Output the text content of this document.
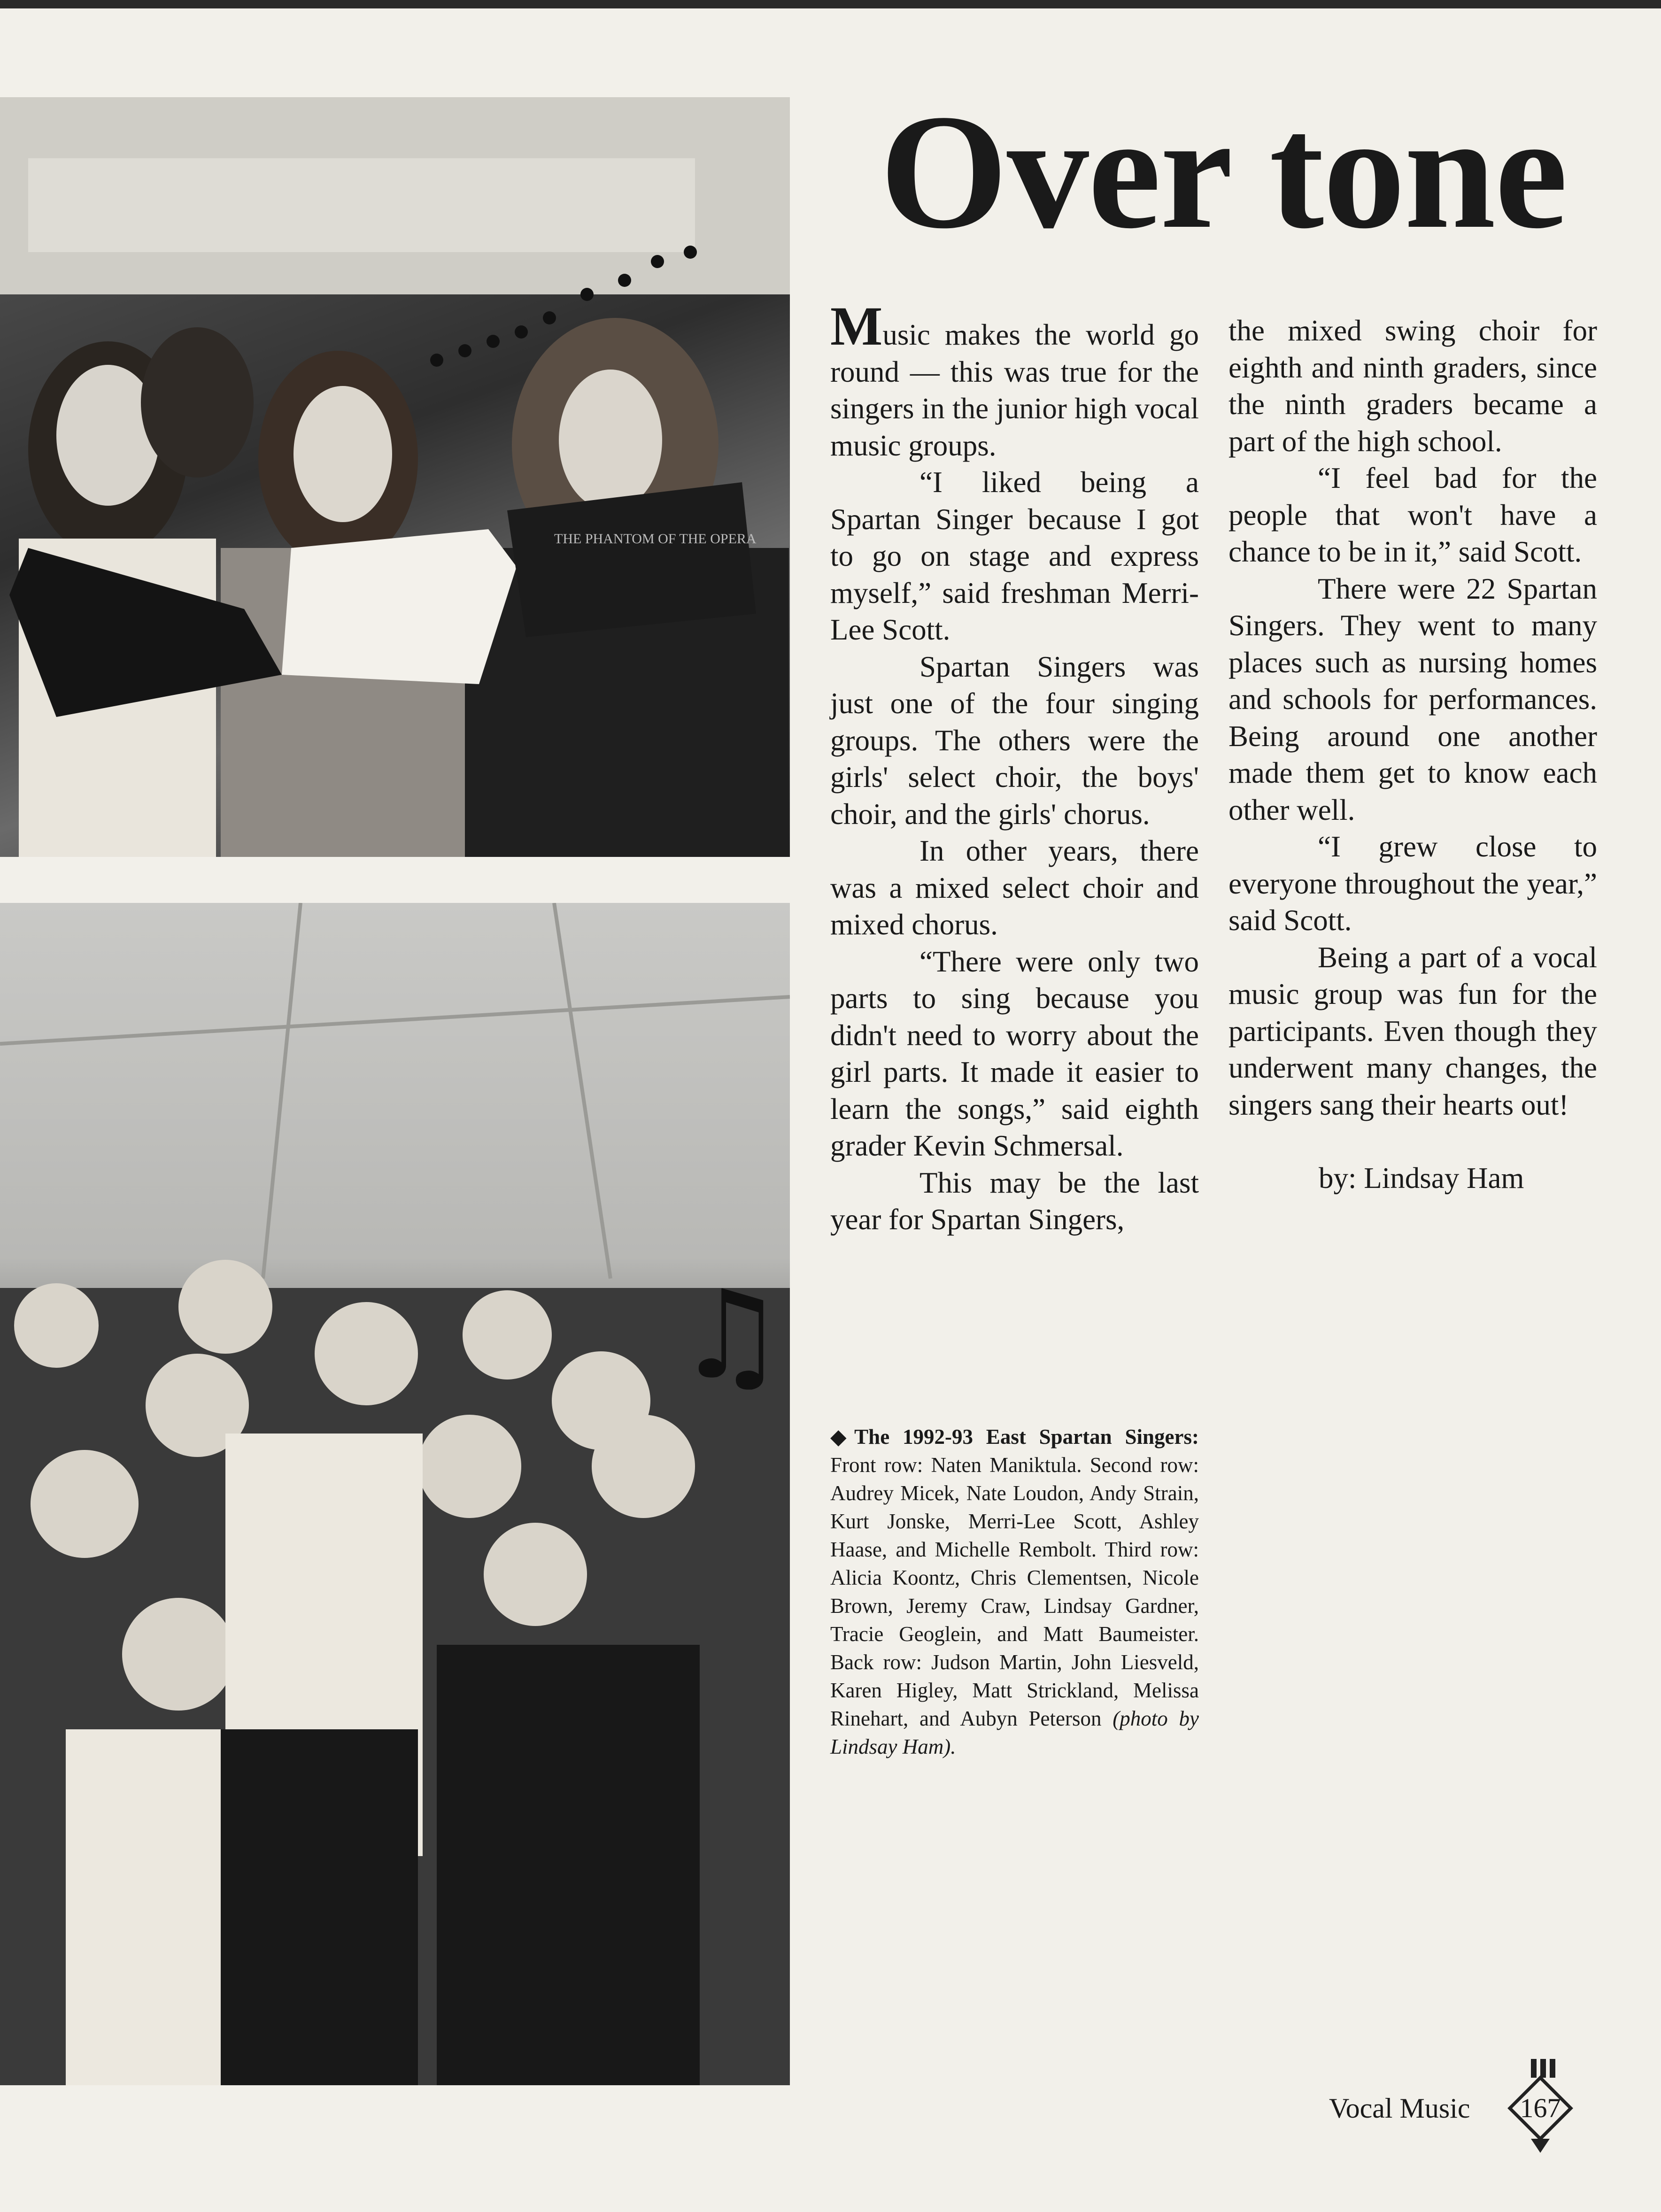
THE PHANTOM OF THE OPERA
♫
Over tone

Music makes the world go round — this was true for the singers in the junior high vocal music groups.

“I liked being a Spartan Singer because I got to go on stage and express myself,” said freshman Merri-Lee Scott.

Spartan Singers was just one of the four singing groups. The others were the girls' select choir, the boys' choir, and the girls' chorus.

In other years, there was a mixed select choir and mixed chorus.

“There were only two parts to sing because you didn't need to worry about the girl parts. It made it easier to learn the songs,” said eighth grader Kevin Schmersal.

This may be the last year for Spartan Singers,

the mixed swing choir for eighth and ninth graders, since the ninth graders became a part of the high school.

“I feel bad for the people that won't have a chance to be in it,” said Scott.

There were 22 Spartan Singers. They went to many places such as nursing homes and schools for performances. Being around one another made them get to know each other well.

“I grew close to everyone throughout the year,” said Scott.

Being a part of a vocal music group was fun for the participants. Even though they underwent many changes, the singers sang their hearts out!

by: Lindsay Ham

◆The 1992-93 East Spartan Singers: Front row: Naten Maniktula. Second row: Audrey Micek, Nate Loudon, Andy Strain, Kurt Jonske, Merri-Lee Scott, Ashley Haase, and Michelle Rembolt. Third row: Alicia Koontz, Chris Clementsen, Nicole Brown, Jeremy Craw, Lindsay Gardner, Tracie Geoglein, and Matt Baumeister. Back row: Judson Martin, John Liesveld, Karen Higley, Matt Strickland, Melissa Rinehart, and Aubyn Peterson (photo by Lindsay Ham).
Vocal Music	167
